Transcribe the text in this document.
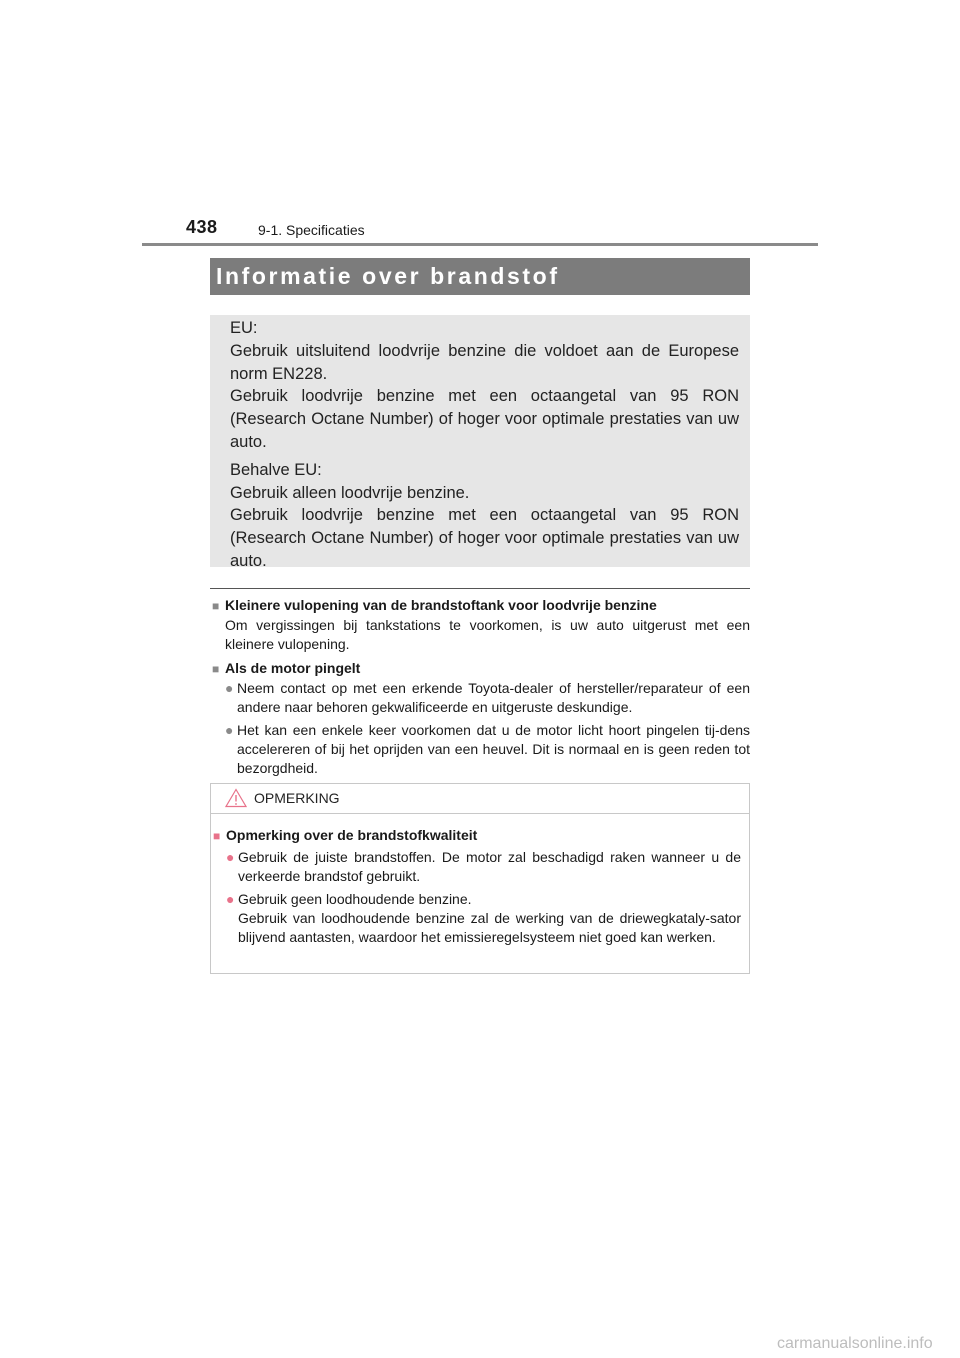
438	9-1. Specificaties
Informatie over brandstof

EU:

Gebruik uitsluitend loodvrije benzine die voldoet aan de Europese norm EN228.

Gebruik loodvrije benzine met een octaangetal van 95 RON (Research Octane Number) of hoger voor optimale prestaties van uw auto.

Behalve EU:

Gebruik alleen loodvrije benzine.

Gebruik loodvrije benzine met een octaangetal van 95 RON (Research Octane Number) of hoger voor optimale prestaties van uw auto.

■ Kleinere vulopening van de brandstoftank voor loodvrije benzine

Om vergissingen bij tankstations te voorkomen, is uw auto uitgerust met een kleinere vulopening.

■ Als de motor pingelt

● Neem contact op met een erkende Toyota-dealer of hersteller/reparateur of een andere naar behoren gekwalificeerde en uitgeruste deskundige.
● Het kan een enkele keer voorkomen dat u de motor licht hoort pingelen tij-dens accelereren of bij het oprijden van een heuvel. Dit is normaal en is geen reden tot bezorgdheid.
OPMERKING

■ Opmerking over de brandstofkwaliteit

● Gebruik de juiste brandstoffen. De motor zal beschadigd raken wanneer u de verkeerde brandstof gebruikt.
● Gebruik geen loodhoudende benzine.
Gebruik van loodhoudende benzine zal de werking van de driewegkataly-sator blijvend aantasten, waardoor het emissieregelsysteem niet goed kan werken.
carmanualsonline.info
